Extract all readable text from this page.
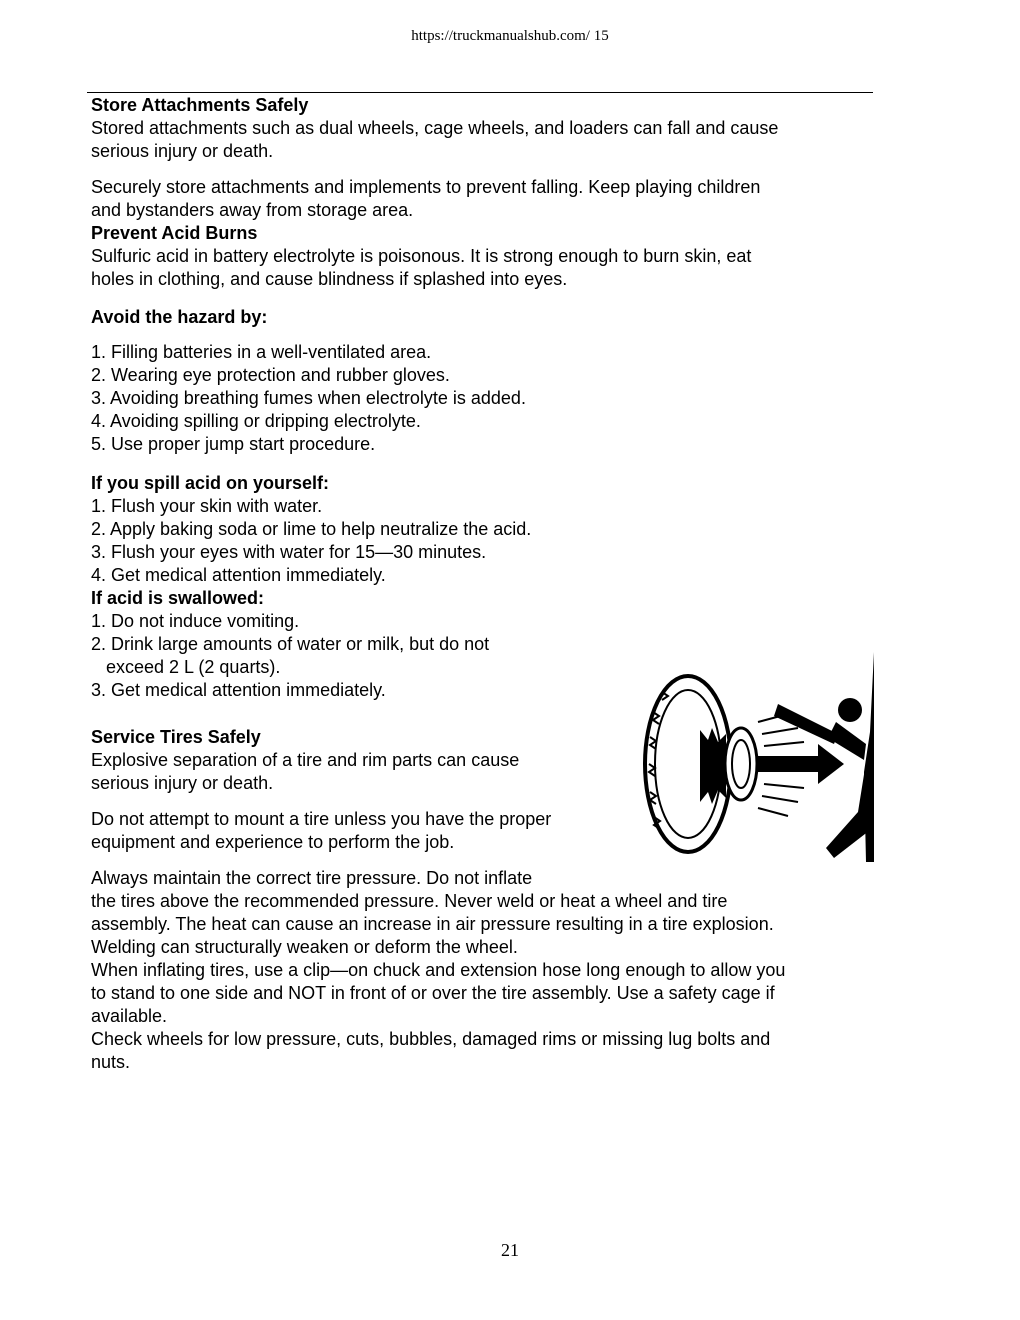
https://truckmanualshub.com/ 15
Store Attachments Safely
Stored attachments such as dual wheels, cage wheels, and loaders can fall and cause
serious injury or death.
Securely store attachments and implements to prevent falling. Keep playing children
and bystanders away from storage area.
Prevent Acid Burns
Sulfuric acid in battery electrolyte is poisonous. It is strong enough to burn skin, eat
holes in clothing, and cause blindness if splashed into eyes.
Avoid the hazard by:
1. Filling batteries in a well-ventilated area.
2. Wearing eye protection and rubber gloves.
3. Avoiding breathing fumes when electrolyte is added.
4. Avoiding spilling or dripping electrolyte.
5. Use proper jump start procedure.
If you spill acid on yourself:
1. Flush your skin with water.
2. Apply baking soda or lime to help neutralize the acid.
3. Flush your eyes with water for 15—30 minutes.
4. Get medical attention immediately.
If acid is swallowed:
1. Do not induce vomiting.
2. Drink large amounts of water or milk, but do not
exceed 2 L (2 quarts).
3. Get medical attention immediately.
Service Tires Safely
Explosive separation of a tire and rim parts can cause
serious injury or death.
Do not attempt to mount a tire unless you have the proper
equipment and experience to perform the job.
Always maintain the correct tire pressure. Do not inflate
the tires above the recommended pressure. Never weld or heat a wheel and tire
assembly. The heat can cause an increase in air pressure resulting in a tire explosion.
Welding can structurally weaken or deform the wheel.
When inflating tires, use a clip—on chuck and extension hose long enough to allow you
to stand to one side and NOT in front of or over the tire assembly. Use a safety cage if
available.
Check wheels for low pressure, cuts, bubbles, damaged rims or missing lug bolts and
nuts.
21
